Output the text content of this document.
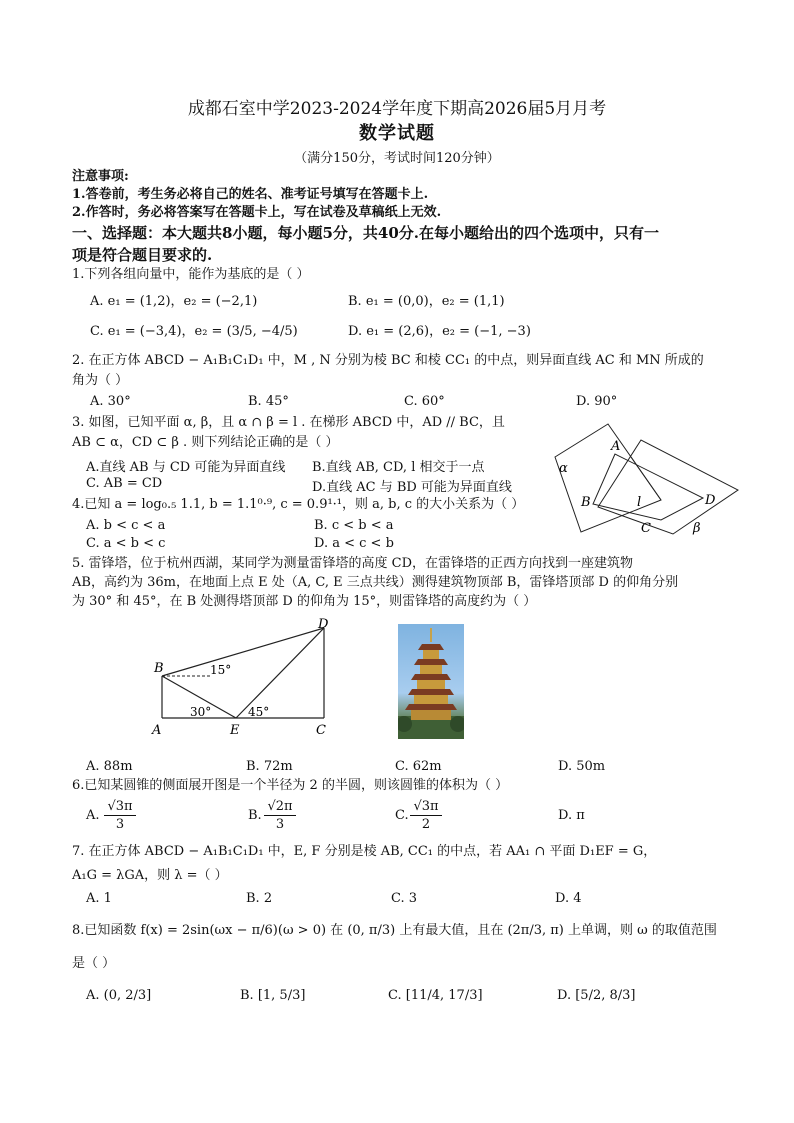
成都石室中学2023-2024学年度下期高2026届5月月考
数学试题
（满分150分，考试时间120分钟）
注意事项:
1.答卷前，考生务必将自己的姓名、准考证号填写在答题卡上.
2.作答时，务必将答案写在答题卡上，写在试卷及草稿纸上无效.
一、选择题：本大题共8小题，每小题5分，共40分.在每小题给出的四个选项中，只有一
项是符合题目要求的.
1.下列各组向量中，能作为基底的是（ ）
A. e₁ = (1,2)，e₂ = (−2,1)	B. e₁ = (0,0)，e₂ = (1,1)
C. e₁ = (−3,4)，e₂ = (3/5, −4/5)	D. e₁ = (2,6)，e₂ = (−1, −3)
2. 在正方体 ABCD − A₁B₁C₁D₁ 中，M , N 分别为棱 BC 和棱 CC₁ 的中点，则异面直线 AC 和 MN 所成的
角为（ ）
A. 30°	B. 45°	C. 60°	D. 90°
3. 如图，已知平面 α, β，且 α ∩ β = l . 在梯形 ABCD 中，AD // BC，且
AB ⊂ α，CD ⊂ β . 则下列结论正确的是（ ）
A.直线 AB 与 CD 可能为异面直线 B.直线 AB, CD, l 相交于一点
C. AB = CD	D.直线 AC 与 BD 可能为异面直线
α
β
A
B
C
D
l
4.已知 a = log₀.₅ 1.1, b = 1.1⁰·⁹, c = 0.9¹·¹，则 a, b, c 的大小关系为（ ）
A. b < c < a	B. c < b < a
C. a < b < c	D. a < c < b
5. 雷锋塔，位于杭州西湖，某同学为测量雷锋塔的高度 CD，在雷锋塔的正西方向找到一座建筑物
AB，高约为 36m，在地面上点 E 处（A, C, E 三点共线）测得建筑物顶部 B，雷锋塔顶部 D 的仰角分别
为 30° 和 45°，在 B 处测得塔顶部 D 的仰角为 15°，则雷锋塔的高度约为（ ）
B
A	E	C
D
15°
30°	45°
A. 88m	B. 72m	C. 62m	D. 50m
6.已知某圆锥的侧面展开图是一个半径为 2 的半圆，则该圆锥的体积为（ ）
A.	B.	C.	D. π
√3π
3
√2π
3
√3π
2
7. 在正方体 ABCD − A₁B₁C₁D₁ 中，E, F 分别是棱 AB, CC₁ 的中点，若 AA₁ ∩ 平面 D₁EF = G，
A₁G = λGA，则 λ =（ ）
A. 1	B. 2	C. 3	D. 4
8.已知函数 f(x) = 2sin(ωx − π/6)(ω > 0) 在 (0, π/3) 上有最大值，且在 (2π/3, π) 上单调，则 ω 的取值范围
是（ ）
A. (0, 2/3]	B. [1, 5/3]	C. [11/4, 17/3]	D. [5/2, 8/3]
